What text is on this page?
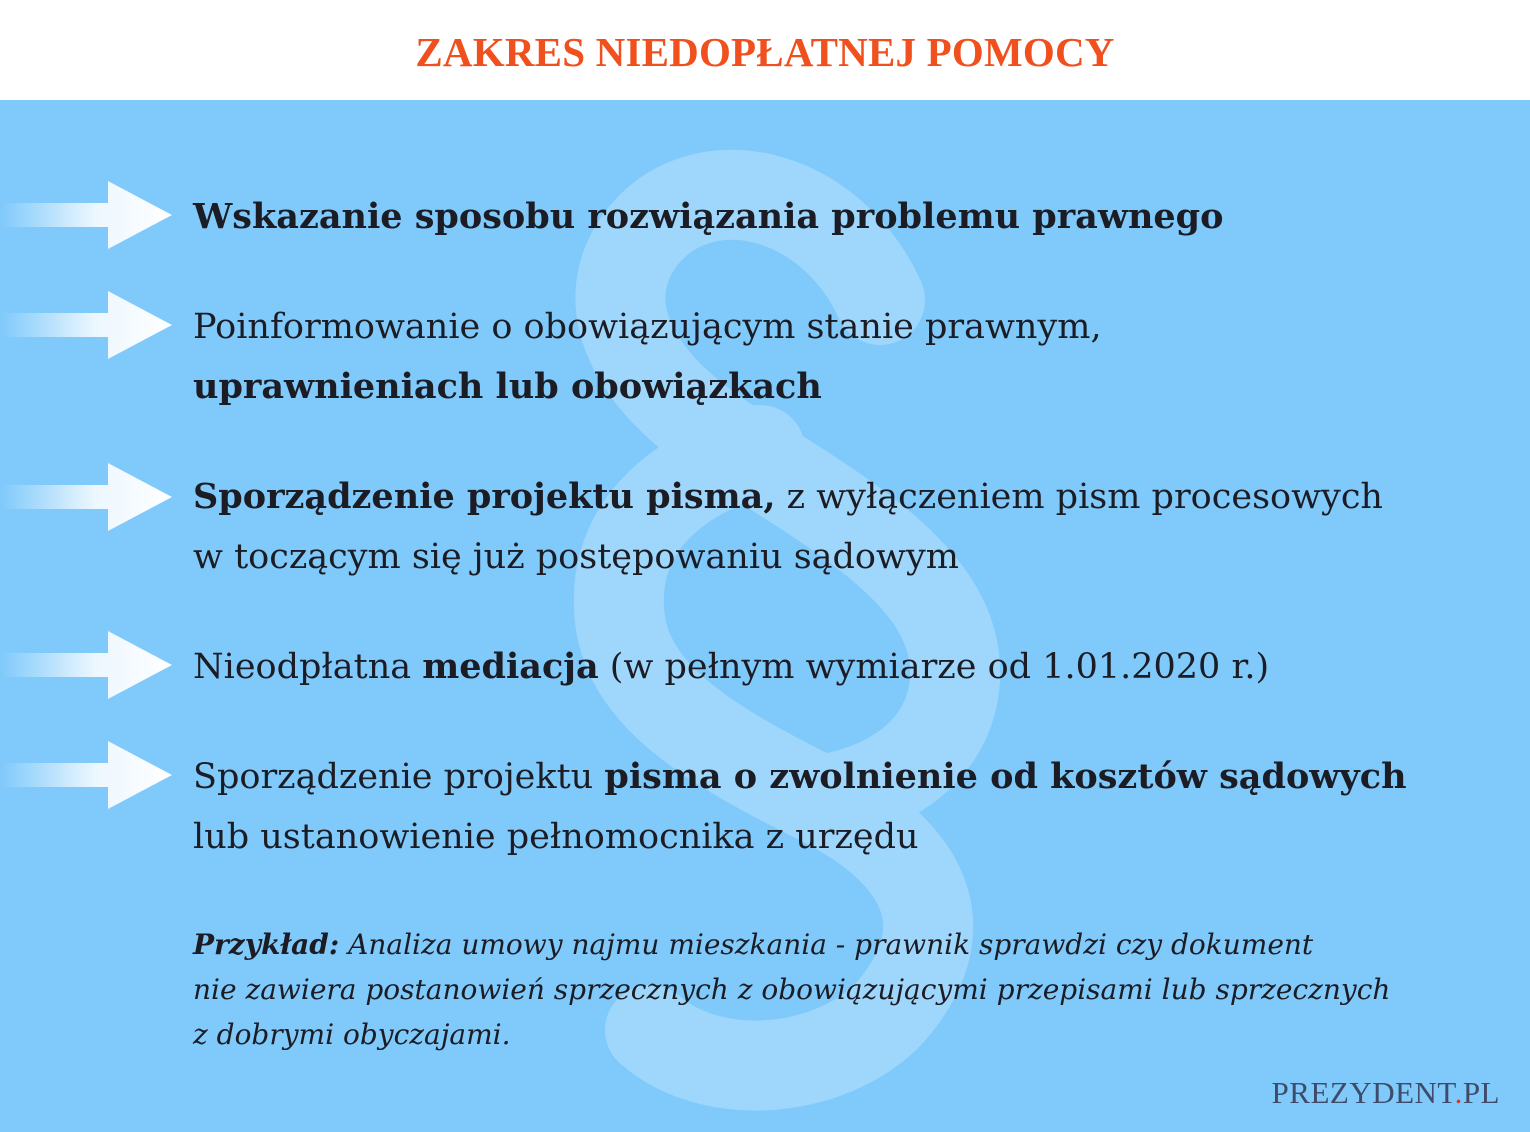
ZAKRES NIEDOPŁATNEJ POMOCY
Wskazanie sposobu rozwiązania problemu prawnego
Poinformowanie o obowiązującym stanie prawnym,
uprawnieniach lub obowiązkach
Sporządzenie projektu pisma, z wyłączeniem pism procesowych
w toczącym się już postępowaniu sądowym
Nieodpłatna mediacja (w pełnym wymiarze od 1.01.2020 r.)
Sporządzenie projektu pisma o zwolnienie od kosztów sądowych
lub ustanowienie pełnomocnika z urzędu
Przykład: Analiza umowy najmu mieszkania - prawnik sprawdzi czy dokument
nie zawiera postanowień sprzecznych z obowiązującymi przepisami lub sprzecznych
z dobrymi obyczajami.
PREZYDENT.PL
